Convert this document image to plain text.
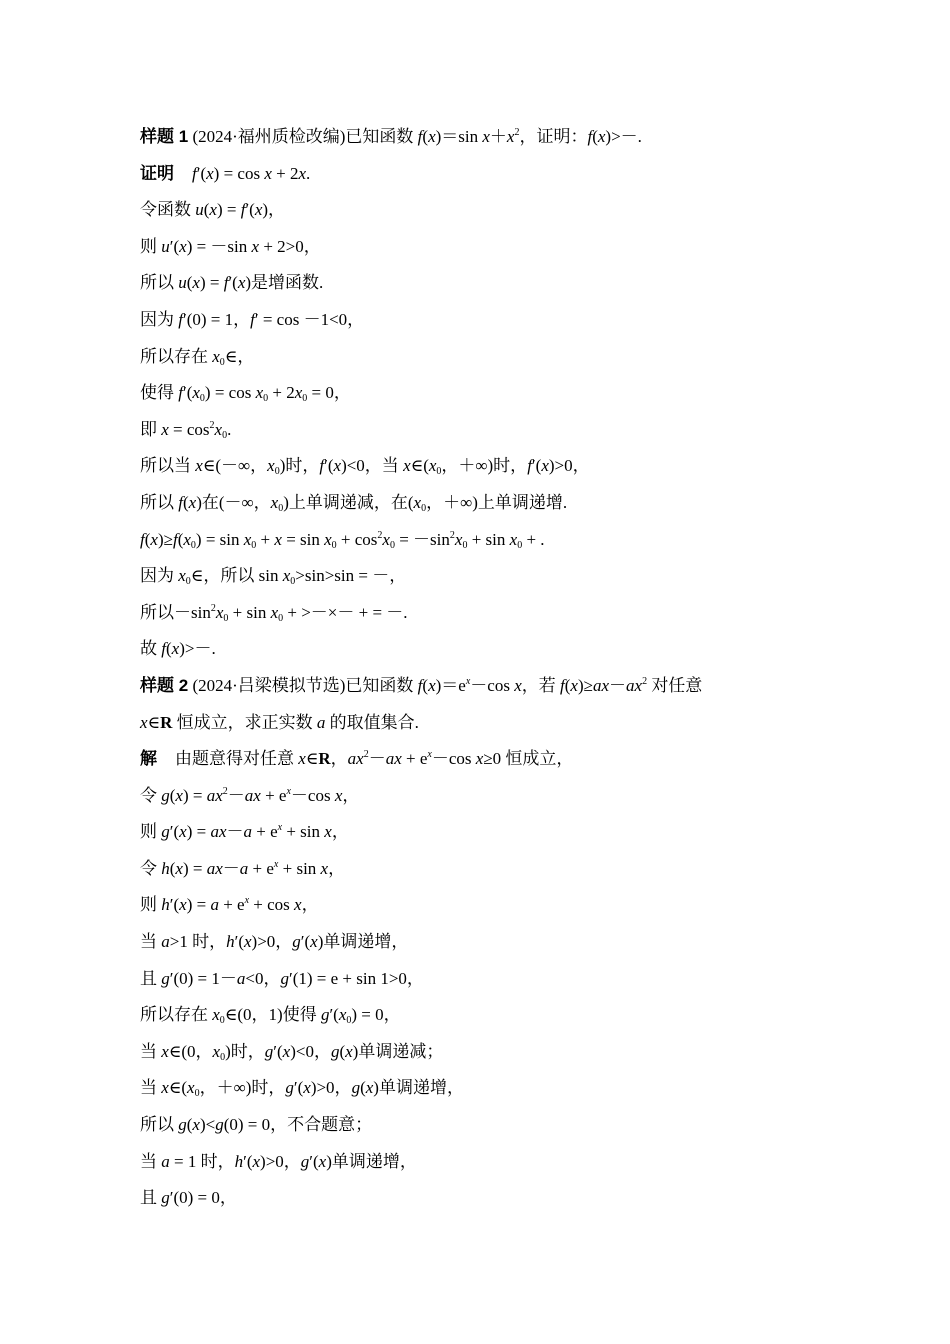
样题 1 (2024·福州质检改编)已知函数 f(x)＝sin $x+x^2$，证明：f(x)>－.
证明 f′(x) = cos x + 2x.
令函数 u(x) = f′(x)，
则 u′(x) = －sin x + 2>0，
所以 u(x) = f′(x)是增函数.
因为 f′(0) = 1，f′ = cos －1<0，
所以存在 $x_0\in$，
使得 $f'(x_0) = \cos x_0 + 2x_0 = 0$，
即 $x = \cos^2x_0$.
所以当 x∈(－∞，$x_0$)时，f′(x)<0，当 $x\in(x_0$，＋∞)时，f′(x)>0，
所以 f(x)在(－∞，$x_0$)上单调递减，在($x_0$，＋∞)上单调递增.
$f(x)\ge f(x_0) = \sin x_0 + x = \sin x_0 + \cos^2x_0 = -\sin^2x_0 + \sin x_0$ + .
因为 $x_0\in$，所以 $\sin x_0>\sin>\sin$ = －，
所以$-\sin^2x_0 + \sin x_0$ + >－×－ + = －.
故 f(x)>－.
样题 2 (2024·吕梁模拟节选)已知函数 $f(x)=e^x-\cos$ x，若 $f(x)\ge ax-ax^2$ 对任意
x∈R 恒成立，求正实数 a 的取值集合.
解 由题意得对任意 x∈R，$ax^2-ax + e^x-\cos$ x≥0 恒成立，
令 $g(x) = ax^2-ax + e^x-\cos$ x，
则 $g'(x) = ax-a + e^x + \sin x$，
令 $h(x) = ax-a + e^x + \sin x$，
则 $h'(x) = a + e^x + \cos x$，
当 a>1 时，h′(x)>0，g′(x)单调递增，
且 g′(0) = 1－a<0，g′(1) = e + sin 1>0，
所以存在 $x_0\in(0$，1)使得 $g'(x_0) = 0$，
当 x∈(0，$x_0$)时，g′(x)<0，g(x)单调递减；
当 $x\in(x_0$，＋∞)时，g′(x)>0，g(x)单调递增，
所以 g(x)<g(0) = 0，不合题意；
当 a = 1 时，h′(x)>0，g′(x)单调递增，
且 g′(0) = 0，
